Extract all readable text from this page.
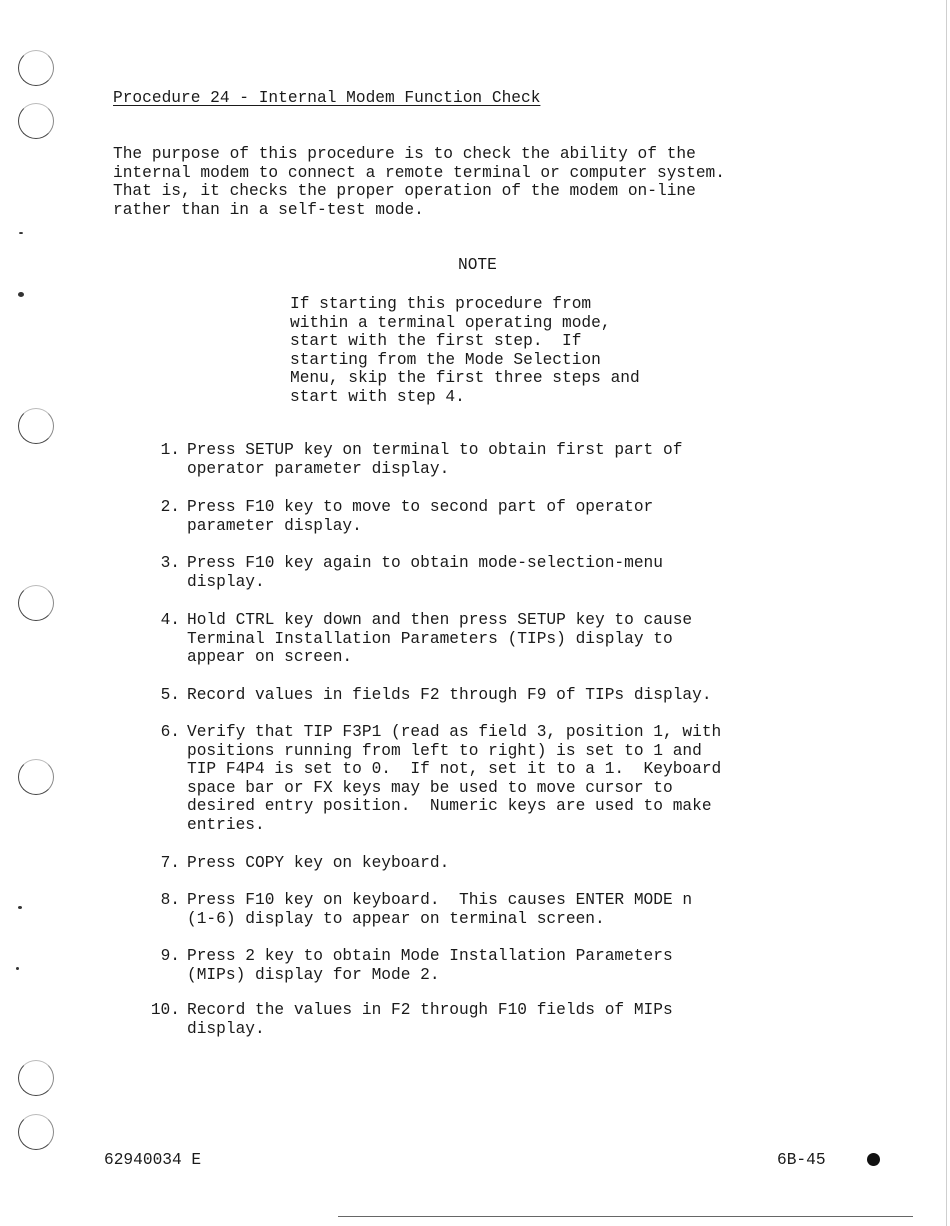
Procedure 24 - Internal Modem Function Check
The purpose of this procedure is to check the ability of the
internal modem to connect a remote terminal or computer system.
That is, it checks the proper operation of the modem on-line
rather than in a self-test mode.
NOTE
If starting this procedure from
within a terminal operating mode,
start with the first step.  If
starting from the Mode Selection
Menu, skip the first three steps and
start with step 4.
1. Press SETUP key on terminal to obtain first part of
operator parameter display.
2. Press F10 key to move to second part of operator
parameter display.
3. Press F10 key again to obtain mode-selection-menu
display.
4. Hold CTRL key down and then press SETUP key to cause
Terminal Installation Parameters (TIPs) display to
appear on screen.
5. Record values in fields F2 through F9 of TIPs display.
6. Verify that TIP F3P1 (read as field 3, position 1, with
positions running from left to right) is set to 1 and
TIP F4P4 is set to 0.  If not, set it to a 1.  Keyboard
space bar or FX keys may be used to move cursor to
desired entry position.  Numeric keys are used to make
entries.
7. Press COPY key on keyboard.
8. Press F10 key on keyboard.  This causes ENTER MODE n
(1-6) display to appear on terminal screen.
9. Press 2 key to obtain Mode Installation Parameters
(MIPs) display for Mode 2.
10. Record the values in F2 through F10 fields of MIPs
display.
62940034 E	6B-45
